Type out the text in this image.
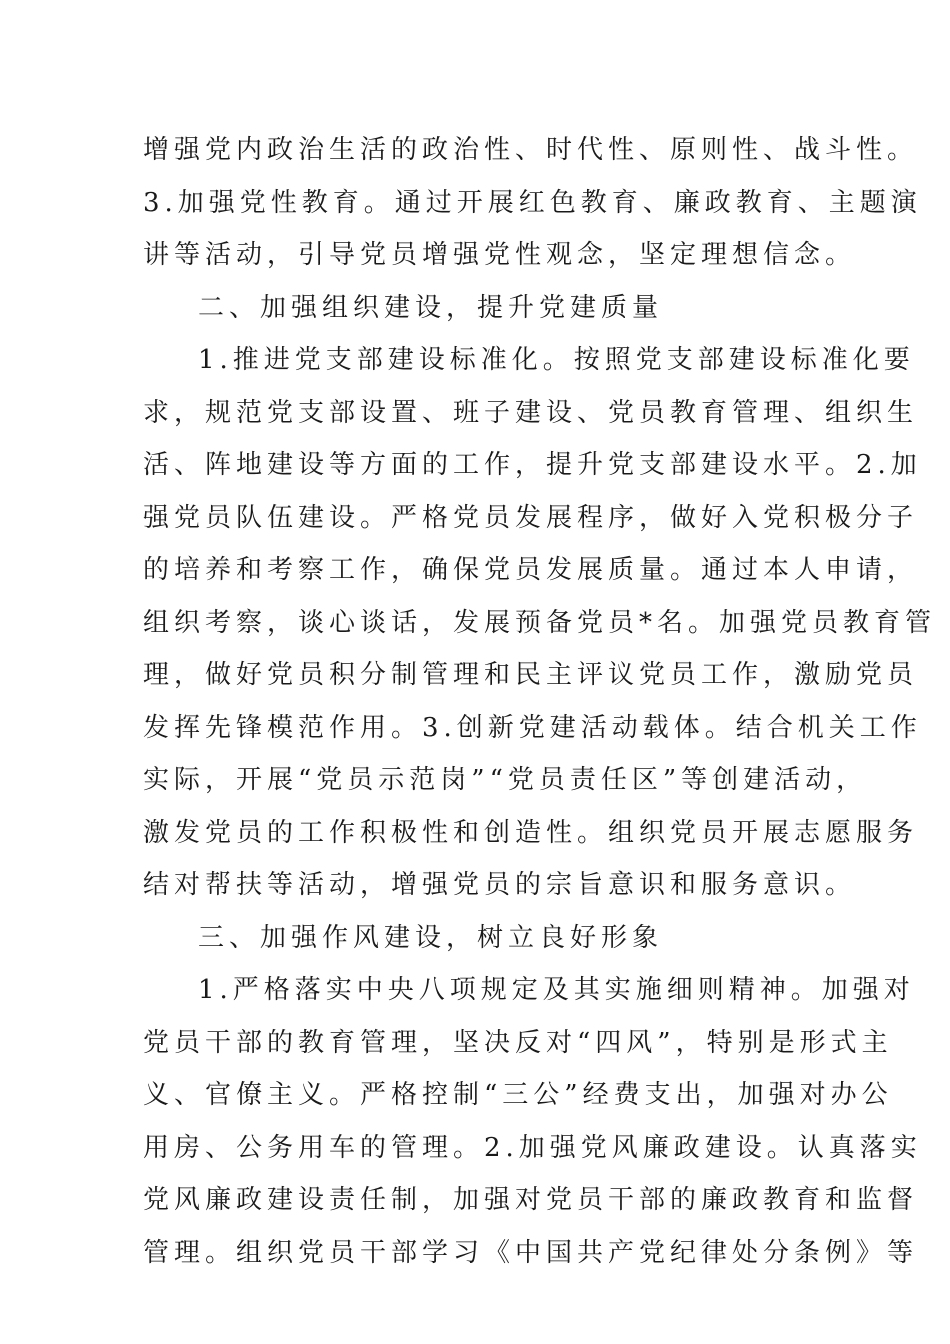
增强党内政治生活的政治性、时代性、原则性、战斗性。
3.加强党性教育。通过开展红色教育、廉政教育、主题演
讲等活动，引导党员增强党性观念，坚定理想信念。
二、加强组织建设，提升党建质量
1.推进党支部建设标准化。按照党支部建设标准化要
求，规范党支部设置、班子建设、党员教育管理、组织生
活、阵地建设等方面的工作，提升党支部建设水平。2.加
强党员队伍建设。严格党员发展程序，做好入党积极分子
的培养和考察工作，确保党员发展质量。通过本人申请，
组织考察，谈心谈话，发展预备党员*名。加强党员教育管
理，做好党员积分制管理和民主评议党员工作，激励党员
发挥先锋模范作用。3.创新党建活动载体。结合机关工作
实际，开展“党员示范岗”“党员责任区”等创建活动，
激发党员的工作积极性和创造性。组织党员开展志愿服务
结对帮扶等活动，增强党员的宗旨意识和服务意识。
三、加强作风建设，树立良好形象
1.严格落实中央八项规定及其实施细则精神。加强对
党员干部的教育管理，坚决反对“四风”，特别是形式主
义、官僚主义。严格控制“三公”经费支出，加强对办公
用房、公务用车的管理。2.加强党风廉政建设。认真落实
党风廉政建设责任制，加强对党员干部的廉政教育和监督
管理。组织党员干部学习《中国共产党纪律处分条例》等
